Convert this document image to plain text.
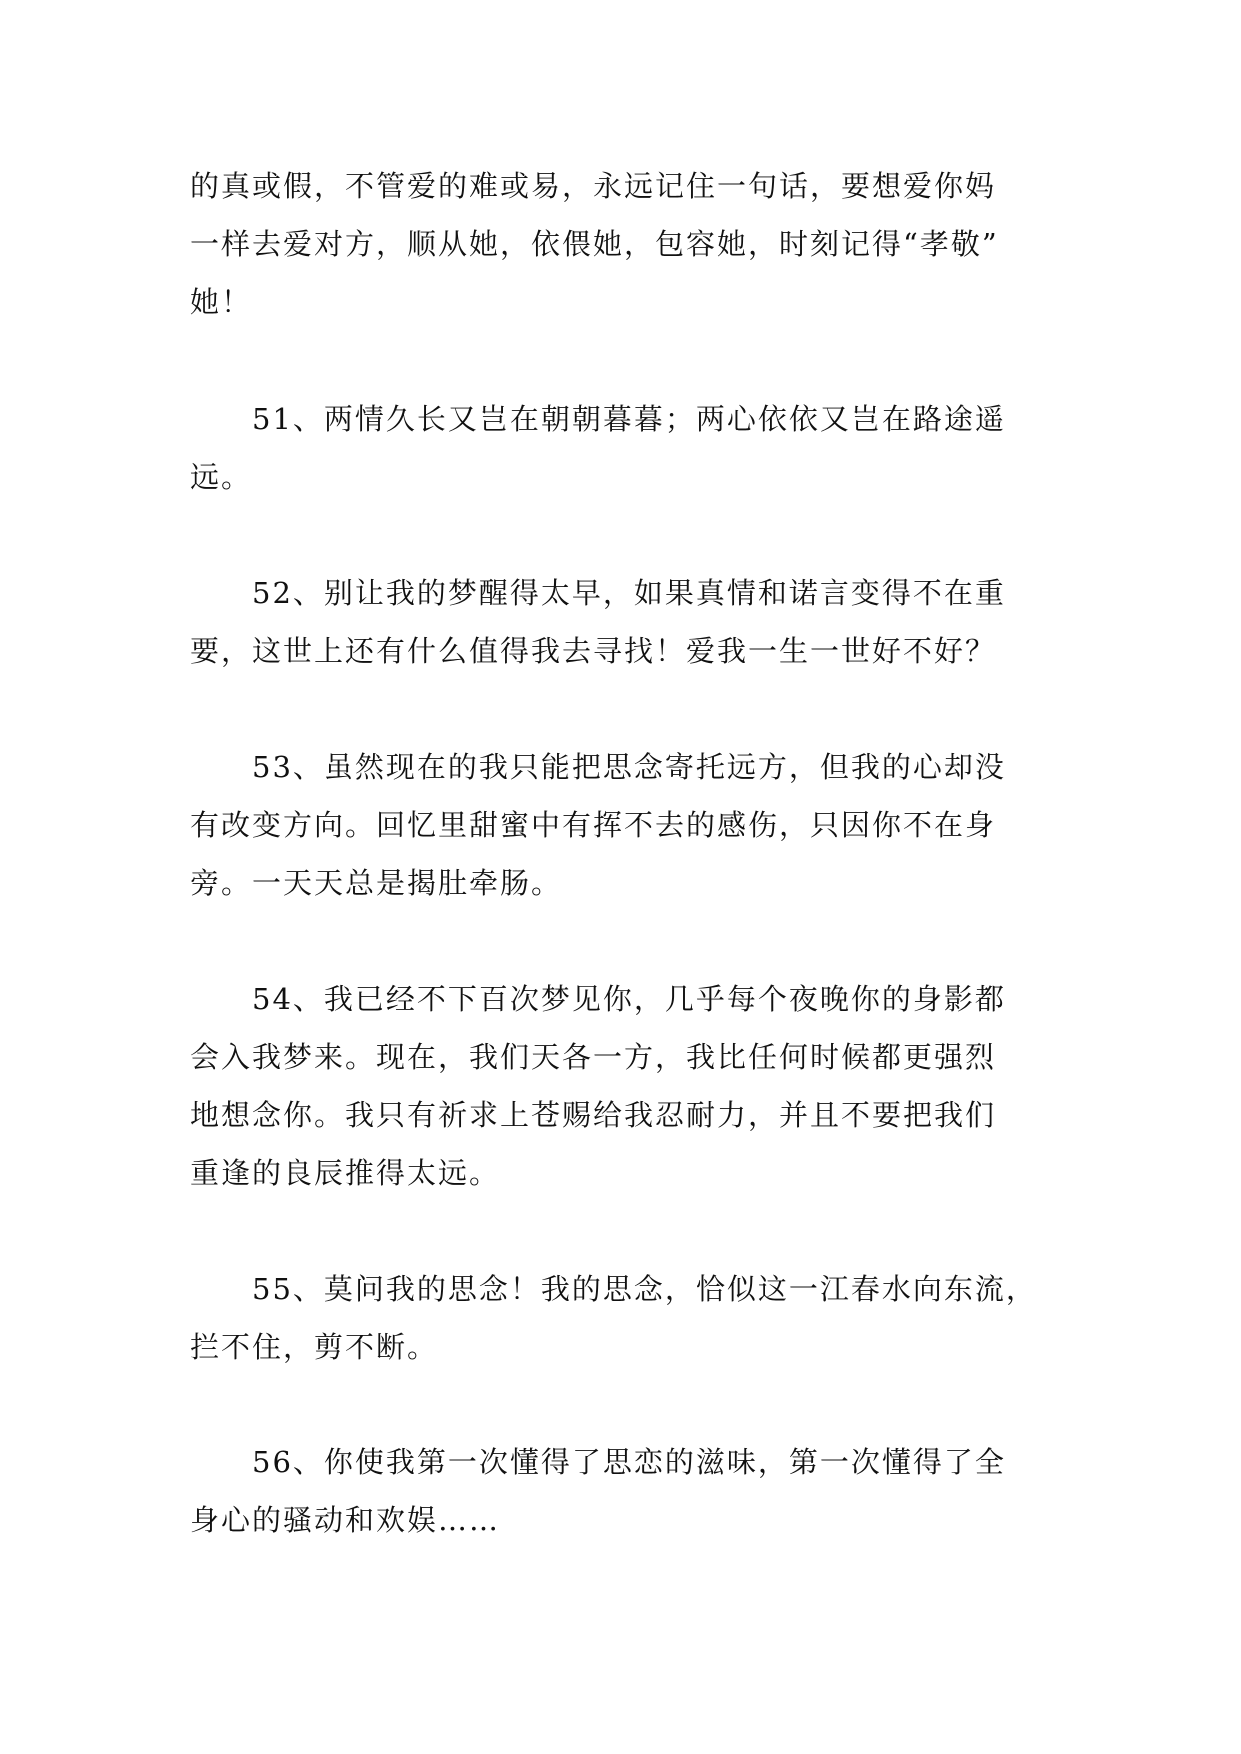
的真或假，不管爱的难或易，永远记住一句话，要想爱你妈
一样去爱对方，顺从她，依偎她，包容她，时刻记得“孝敬”
她！
51、两情久长又岂在朝朝暮暮；两心依依又岂在路途遥
远。
52、别让我的梦醒得太早，如果真情和诺言变得不在重
要，这世上还有什么值得我去寻找！爱我一生一世好不好？
53、虽然现在的我只能把思念寄托远方，但我的心却没
有改变方向。回忆里甜蜜中有挥不去的感伤，只因你不在身
旁。一天天总是揭肚牵肠。
54、我已经不下百次梦见你，几乎每个夜晚你的身影都
会入我梦来。现在，我们天各一方，我比任何时候都更强烈
地想念你。我只有祈求上苍赐给我忍耐力，并且不要把我们
重逢的良辰推得太远。
55、莫问我的思念！我的思念，恰似这一江春水向东流，
拦不住，剪不断。
56、你使我第一次懂得了思恋的滋味，第一次懂得了全
身心的骚动和欢娱……
